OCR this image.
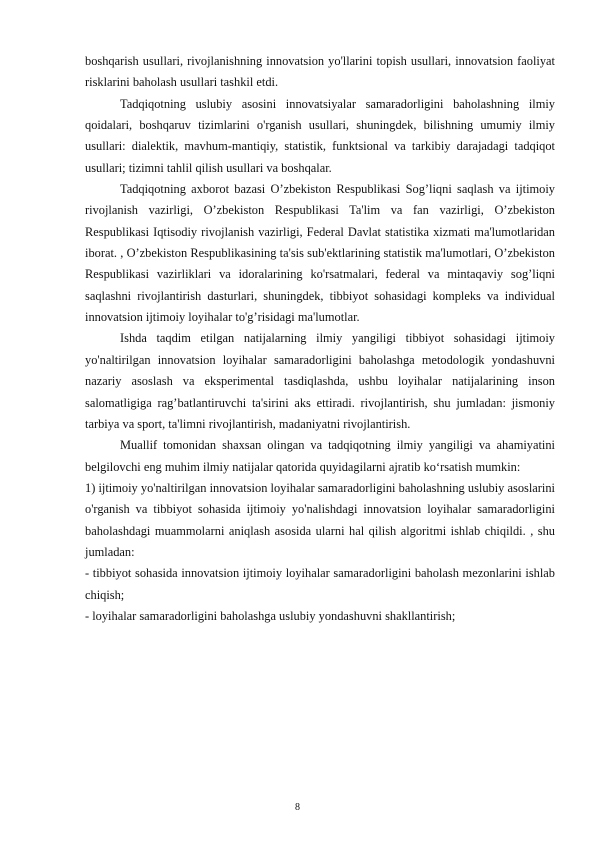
boshqarish usullari, rivojlanishning innovatsion yo'llarini topish usullari, innovatsion faoliyat risklarini baholash usullari tashkil etdi.

Tadqiqotning uslubiy asosini innovatsiyalar samaradorligini baholashning ilmiy qoidalari, boshqaruv tizimlarini o'rganish usullari, shuningdek, bilishning umumiy ilmiy usullari: dialektik, mavhum-mantiqiy, statistik, funktsional va tarkibiy darajadagi tadqiqot usullari; tizimni tahlil qilish usullari va boshqalar.

Tadqiqotning axborot bazasi O’zbekiston Respublikasi Sog’liqni saqlash va ijtimoiy rivojlanish vazirligi, O’zbekiston Respublikasi Ta'lim va fan vazirligi, O’zbekiston Respublikasi Iqtisodiy rivojlanish vazirligi, Federal Davlat statistika xizmati ma'lumotlaridan iborat. , O’zbekiston Respublikasining ta'sis sub'ektlarining statistik ma'lumotlari, O’zbekiston Respublikasi vazirliklari va idoralarining ko'rsatmalari, federal va mintaqaviy sog’liqni saqlashni rivojlantirish dasturlari, shuningdek, tibbiyot sohasidagi kompleks va individual innovatsion ijtimoiy loyihalar to'g’risidagi ma'lumotlar.

Ishda taqdim etilgan natijalarning ilmiy yangiligi tibbiyot sohasidagi ijtimoiy yo'naltirilgan innovatsion loyihalar samaradorligini baholashga metodologik yondashuvni nazariy asoslash va eksperimental tasdiqlashda, ushbu loyihalar natijalarining inson salomatligiga rag’batlantiruvchi ta'sirini aks ettiradi. rivojlantirish, shu jumladan: jismoniy tarbiya va sport, ta'limni rivojlantirish, madaniyatni rivojlantirish.

Muallif tomonidan shaxsan olingan va tadqiqotning ilmiy yangiligi va ahamiyatini belgilovchi eng muhim ilmiy natijalar qatorida quyidagilarni ajratib ko‘rsatish mumkin:

1) ijtimoiy yo'naltirilgan innovatsion loyihalar samaradorligini baholashning uslubiy asoslarini o'rganish va tibbiyot sohasida ijtimoiy yo'nalishdagi innovatsion loyihalar samaradorligini baholashdagi muammolarni aniqlash asosida ularni hal qilish algoritmi ishlab chiqildi. , shu jumladan:

- tibbiyot sohasida innovatsion ijtimoiy loyihalar samaradorligini baholash mezonlarini ishlab chiqish;

- loyihalar samaradorligini baholashga uslubiy yondashuvni shakllantirish;

8
